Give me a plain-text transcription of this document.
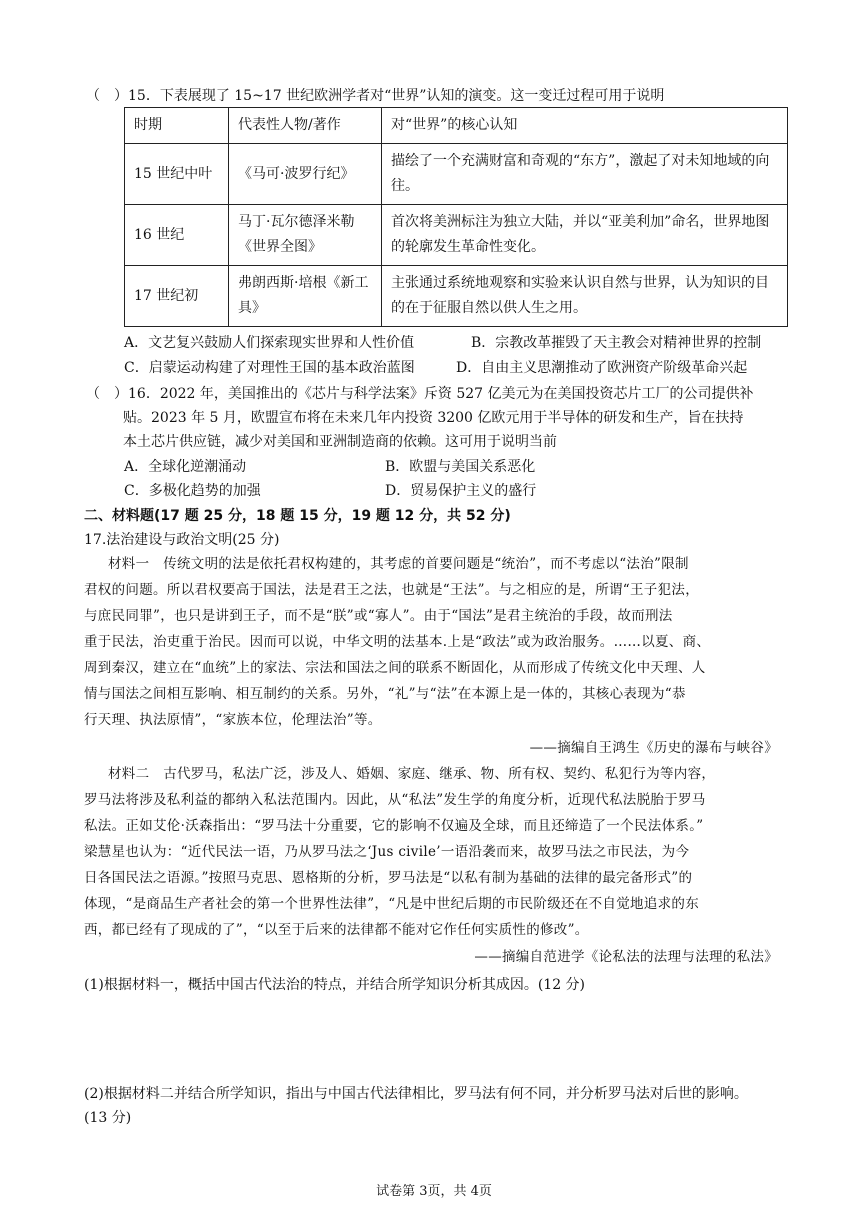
（　）15．下表展现了 15~17 世纪欧洲学者对“世界”认知的演变。这一变迁过程可用于说明
时期	代表性人物/著作	对“世界”的核心认知
15 世纪中叶	《马可·波罗行纪》	描绘了一个充满财富和奇观的“东方”，激起了对未知地域的向往。
16 世纪	马丁·瓦尔德泽米勒《世界全图》	首次将美洲标注为独立大陆，并以“亚美利加”命名，世界地图的轮廓发生革命性变化。
17 世纪初	弗朗西斯·培根《新工具》	主张通过系统地观察和实验来认识自然与世界，认为知识的目的在于征服自然以供人生之用。
A．文艺复兴鼓励人们探索现实世界和人性价值	B．宗教改革摧毁了天主教会对精神世界的控制
C．启蒙运动构建了对理性王国的基本政治蓝图	D．自由主义思潮推动了欧洲资产阶级革命兴起
（　）16．2022 年，美国推出的《芯片与科学法案》斥资 527 亿美元为在美国投资芯片工厂的公司提供补
贴。2023 年 5 月，欧盟宣布将在未来几年内投资 3200 亿欧元用于半导体的研发和生产，旨在扶持
本土芯片供应链，减少对美国和亚洲制造商的依赖。这可用于说明当前
A．全球化逆潮涌动	B．欧盟与美国关系恶化
C．多极化趋势的加强	D．贸易保护主义的盛行
二、材料题(17 题 25 分，18 题 15 分，19 题 12 分，共 52 分)
17.法治建设与政治文明(25 分)
材料一　传统文明的法是依托君权构建的，其考虑的首要问题是“统治”，而不考虑以“法治”限制
君权的问题。所以君权要高于国法，法是君王之法，也就是“王法”。与之相应的是，所谓“王子犯法，
与庶民同罪”，也只是讲到王子，而不是“朕”或“寡人”。由于“国法”是君主统治的手段，故而刑法
重于民法，治吏重于治民。因而可以说，中华文明的法基本.上是“政法”或为政治服务。……以夏、商、
周到秦汉，建立在“血统”上的家法、宗法和国法之间的联系不断固化，从而形成了传统文化中天理、人
情与国法之间相互影响、相互制约的关系。另外，“礼”与“法”在本源上是一体的，其核心表现为“恭
行天理、执法原情”，“家族本位，伦理法治”等。
——摘编自王鸿生《历史的瀑布与峡谷》
材料二　古代罗马，私法广泛，涉及人、婚姻、家庭、继承、物、所有权、契约、私犯行为等内容，
罗马法将涉及私利益的都纳入私法范围内。因此，从“私法”发生学的角度分析，近现代私法脱胎于罗马
私法。正如艾伦·沃森指出：“罗马法十分重要，它的影响不仅遍及全球，而且还缔造了一个民法体系。”
梁慧星也认为：“近代民法一语，乃从罗马法之‘Jus civile’一语沿袭而来，故罗马法之市民法，为今
日各国民法之语源。”按照马克思、恩格斯的分析，罗马法是“以私有制为基础的法律的最完备形式”的
体现，“是商品生产者社会的第一个世界性法律”，“凡是中世纪后期的市民阶级还在不自觉地追求的东
西，都已经有了现成的了”，“以至于后来的法律都不能对它作任何实质性的修改”。
——摘编自范进学《论私法的法理与法理的私法》
(1)根据材料一，概括中国古代法治的特点，并结合所学知识分析其成因。(12 分)
(2)根据材料二并结合所学知识，指出与中国古代法律相比，罗马法有何不同，并分析罗马法对后世的影响。
(13 分)
试卷第 3页，共 4页
